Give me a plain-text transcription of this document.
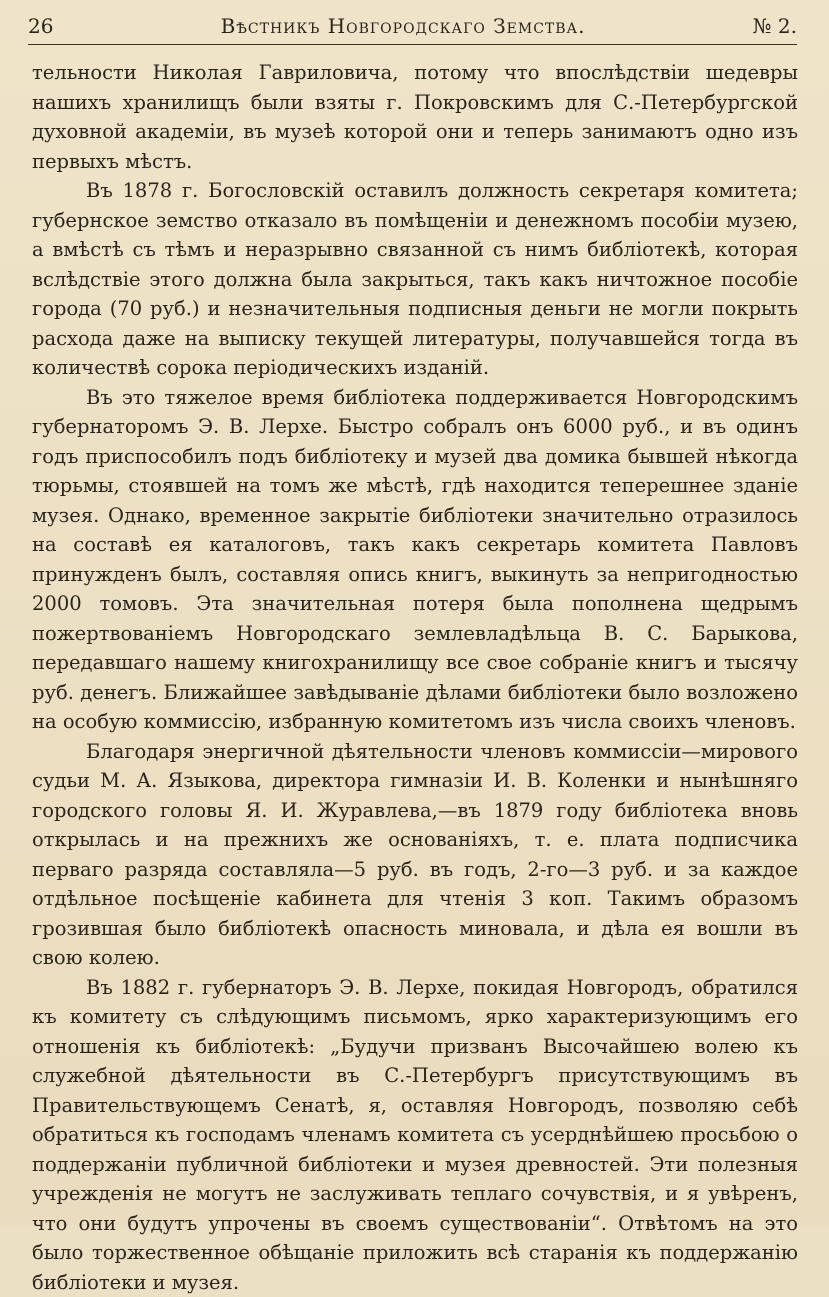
26	Вѣстникъ Новгородскаго Земства.	№ 2.

тельности Николая Гавриловича, потому что впослѣдствіи шедевры нашихъ хранилищъ были взяты г. Покровскимъ для С.-Петербургской духовной академіи, въ музеѣ которой они и теперь занимаютъ одно изъ первыхъ мѣстъ.

Въ 1878 г. Богословскій оставилъ должность секретаря комитета; губернское земство отказало въ помѣщеніи и денежномъ пособіи музею, а вмѣстѣ съ тѣмъ и неразрывно связанной съ нимъ библіотекѣ, которая вслѣдствіе этого должна была закрыться, такъ какъ ничтожное пособіе города (70 руб.) и незначительныя подписныя деньги не могли покрыть расхода даже на выписку текущей литературы, получавшейся тогда въ количествѣ сорока періодическихъ изданій.

Въ это тяжелое время библіотека поддерживается Новгородскимъ губернаторомъ Э. В. Лерхе. Быстро собралъ онъ 6000 руб., и въ одинъ годъ приспособилъ подъ библіотеку и музей два домика бывшей нѣкогда тюрьмы, стоявшей на томъ же мѣстѣ, гдѣ находится теперешнее зданіе музея. Однако, временное закрытіе библіотеки значительно отразилось на составѣ ея каталоговъ, такъ какъ секретарь комитета Павловъ принужденъ былъ, составляя опись книгъ, выкинуть за непригодностью 2000 томовъ. Эта значительная потеря была пополнена щедрымъ пожертвованіемъ Новгородскаго землевладѣльца В. С. Барыкова, передавшаго нашему книгохранилищу все свое собраніе книгъ и тысячу руб. денегъ. Ближайшее завѣдываніе дѣлами библіотеки было возложено на особую коммиссію, избранную комитетомъ изъ числа своихъ членовъ.

Благодаря энергичной дѣятельности членовъ коммиссіи—мирового судьи М. А. Языкова, директора гимназіи И. В. Коленки и нынѣшняго городского головы Я. И. Журавлева,—въ 1879 году библіотека вновь открылась и на прежнихъ же основаніяхъ, т. е. плата подписчика перваго разряда составляла—5 руб. въ годъ, 2-го—3 руб. и за каждое отдѣльное посѣщеніе кабинета для чтенія 3 коп. Такимъ образомъ грозившая было библіотекѣ опасность миновала, и дѣла ея вошли въ свою колею.

Въ 1882 г. губернаторъ Э. В. Лерхе, покидая Новгородъ, обратился къ комитету съ слѣдующимъ письмомъ, ярко характеризующимъ его отношенія къ библіотекѣ: „Будучи призванъ Высочайшею волею къ служебной дѣятельности въ С.-Петербургъ присутствующимъ въ Правительствующемъ Сенатѣ, я, оставляя Новгородъ, позволяю себѣ обратиться къ господамъ членамъ комитета съ усерднѣйшею просьбою о поддержаніи публичной библіотеки и музея древностей. Эти полезныя учрежденія не могутъ не заслуживать теплаго сочувствія, и я увѣренъ, что они будутъ упрочены въ своемъ существованіи“. Отвѣтомъ на это было торжественное обѣщаніе приложить всѣ старанія къ поддержанію библіотеки и музея.
